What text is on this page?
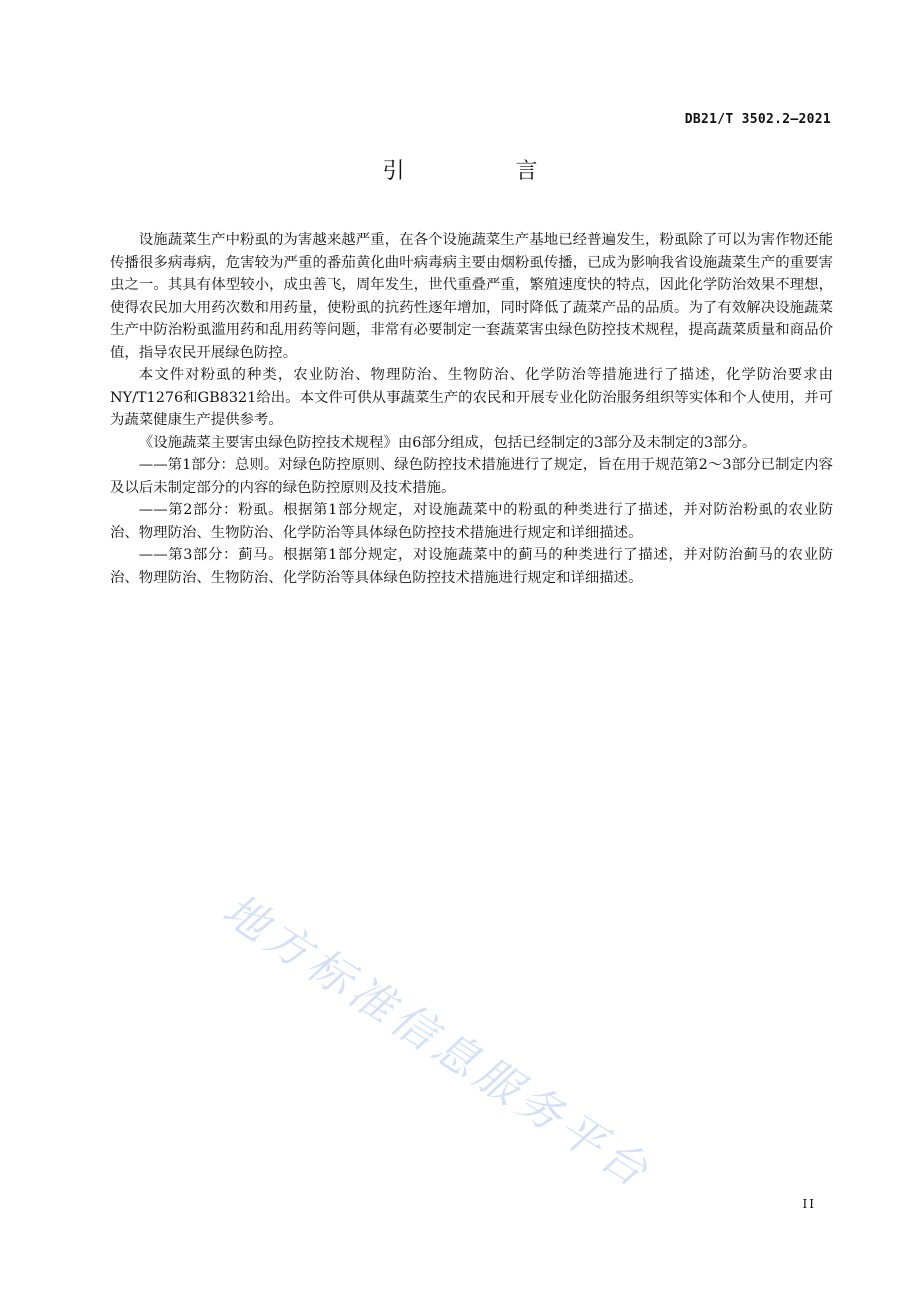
DB21/T 3502.2—2021
引 言

设施蔬菜生产中粉虱的为害越来越严重，在各个设施蔬菜生产基地已经普遍发生，粉虱除了可以为害作物还能传播很多病毒病，危害较为严重的番茄黄化曲叶病毒病主要由烟粉虱传播，已成为影响我省设施蔬菜生产的重要害虫之一。其具有体型较小，成虫善飞，周年发生，世代重叠严重，繁殖速度快的特点，因此化学防治效果不理想，使得农民加大用药次数和用药量，使粉虱的抗药性逐年增加，同时降低了蔬菜产品的品质。为了有效解决设施蔬菜生产中防治粉虱滥用药和乱用药等问题，非常有必要制定一套蔬菜害虫绿色防控技术规程，提高蔬菜质量和商品价值，指导农民开展绿色防控。

本文件对粉虱的种类，农业防治、物理防治、生物防治、化学防治等措施进行了描述，化学防治要求由NY/T1276和GB8321给出。本文件可供从事蔬菜生产的农民和开展专业化防治服务组织等实体和个人使用，并可为蔬菜健康生产提供参考。

《设施蔬菜主要害虫绿色防控技术规程》由6部分组成，包括已经制定的3部分及未制定的3部分。

——第1部分：总则。对绿色防控原则、绿色防控技术措施进行了规定，旨在用于规范第2～3部分已制定内容及以后未制定部分的内容的绿色防控原则及技术措施。

——第2部分：粉虱。根据第1部分规定，对设施蔬菜中的粉虱的种类进行了描述，并对防治粉虱的农业防治、物理防治、生物防治、化学防治等具体绿色防控技术措施进行规定和详细描述。

——第3部分：蓟马。根据第1部分规定，对设施蔬菜中的蓟马的种类进行了描述，并对防治蓟马的农业防治、物理防治、生物防治、化学防治等具体绿色防控技术措施进行规定和详细描述。

地方标准信息服务平台
II
